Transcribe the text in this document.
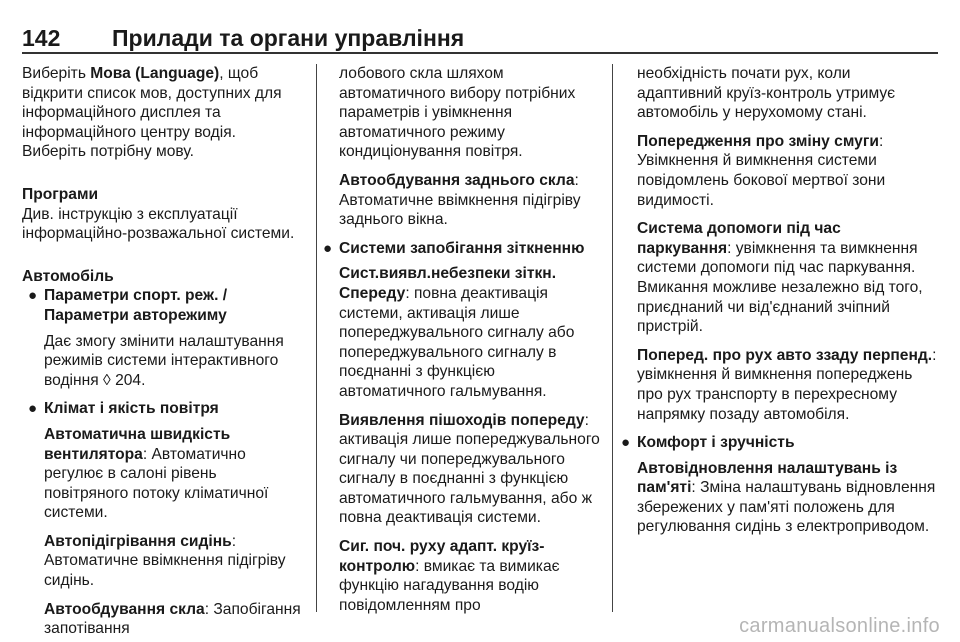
142 Прилади та органи управління

Виберіть Мова (Language), щоб відкрити список мов, доступних для інформаційного дисплея та інформаційного центру водія. Виберіть потрібну мову.

Програми

Див. інструкцію з експлуатації інформаційно-розважальної системи.

Автомобіль

● Параметри спорт. реж. / Параметри авторежиму

Дає змогу змінити налаштування режимів системи інтерактивного водіння ◊ 204.

● Клімат і якість повітря

Автоматична швидкість вентилятора: Автоматично регулює в салоні рівень повітряного потоку кліматичної системи.

Автопідігрівання сидінь: Автоматичне ввімкнення підігріву сидінь.

Автообдування скла: Запобігання запотівання

лобового скла шляхом автоматичного вибору потрібних параметрів і увімкнення автоматичного режиму кондиціонування повітря.

Автообдування заднього скла: Автоматичне ввімкнення підігріву заднього вікна.

● Системи запобігання зіткненню

Сист.виявл.небезпеки зіткн. Спереду: повна деактивація системи, активація лише попереджувального сигналу або попереджувального сигналу в поєднанні з функцією автоматичного гальмування.

Виявлення пішоходів попереду: активація лише попереджувального сигналу чи попереджувального сигналу в поєднанні з функцією автоматичного гальмування, або ж повна деактивація системи.

Сиг. поч. руху адапт. круїз-контролю: вмикає та вимикає функцію нагадування водію повідомленням про

необхідність почати рух, коли адаптивний круїз-контроль утримує автомобіль у нерухомому стані.

Попередження про зміну смуги: Увімкнення й вимкнення системи повідомлень бокової мертвої зони видимості.

Система допомоги під час паркування: увімкнення та вимкнення системи допомоги під час паркування. Вмикання можливе незалежно від того, приєднаний чи від'єднаний зчіпний пристрій.

Поперед. про рух авто ззаду перпенд.: увімкнення й вимкнення попереджень про рух транспорту в перехресному напрямку позаду автомобіля.

● Комфорт і зручність

Автовідновлення налаштувань із пам'яті: Зміна налаштувань відновлення збережених у пам'яті положень для регулювання сидінь з електроприводом.

carmanualsonline.info
